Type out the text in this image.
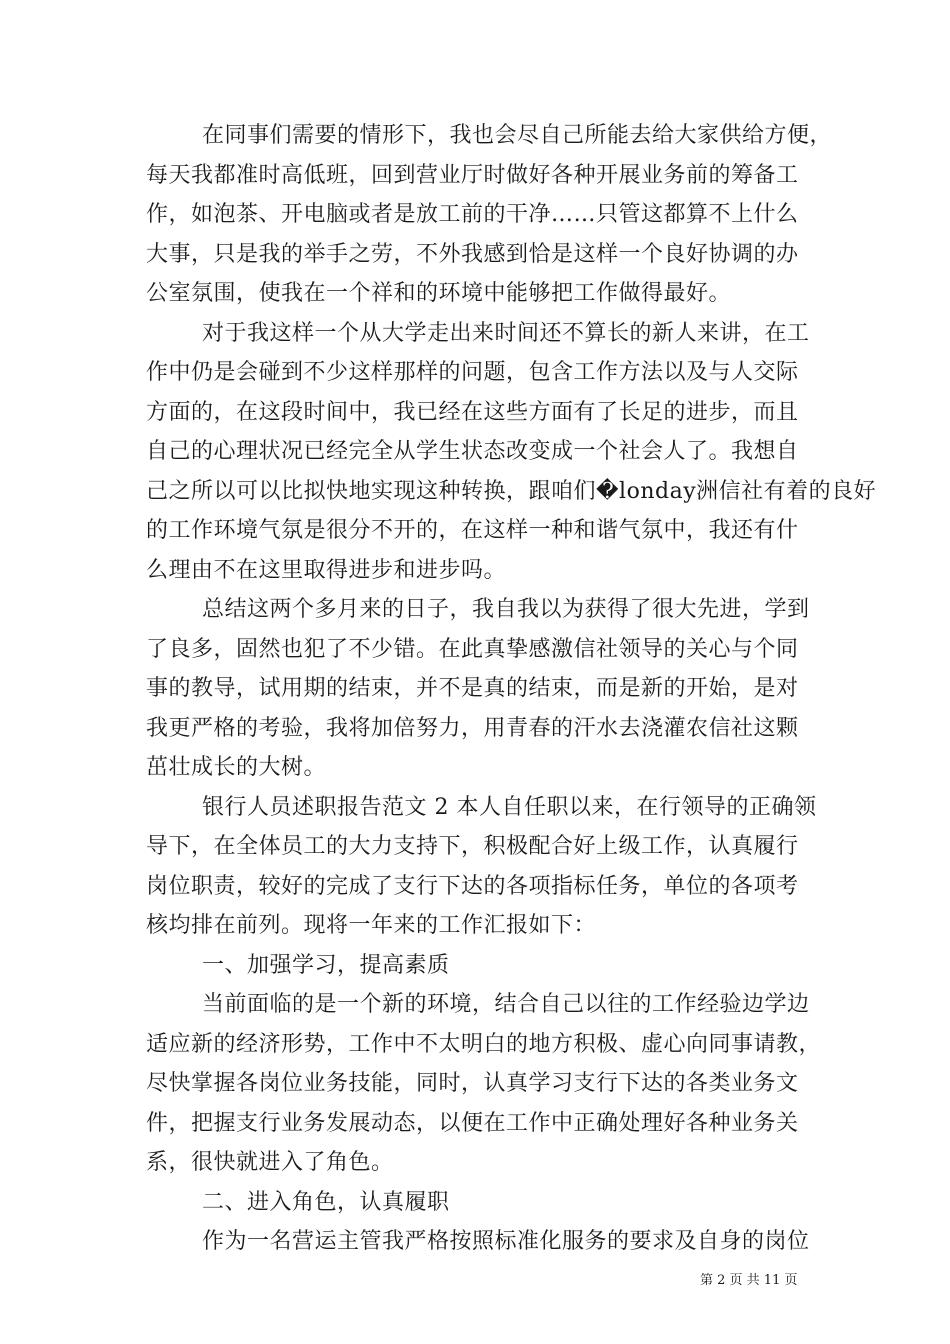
在同事们需要的情形下，我也会尽自己所能去给大家供给方便，
每天我都准时高低班，回到营业厅时做好各种开展业务前的筹备工
作，如泡茶、开电脑或者是放工前的干净……只管这都算不上什么
大事，只是我的举手之劳，不外我感到恰是这样一个良好协调的办
公室氛围，使我在一个祥和的环境中能够把工作做得最好。
对于我这样一个从大学走出来时间还不算长的新人来讲，在工
作中仍是会碰到不少这样那样的问题，包含工作方法以及与人交际
方面的，在这段时间中，我已经在这些方面有了长足的进步，而且
自己的心理状况已经完全从学生状态改变成一个社会人了。我想自
己之所以可以比拟快地实现这种转换，跟咱们�londay洲信社有着的良好
的工作环境气氛是很分不开的，在这样一种和谐气氛中，我还有什
么理由不在这里取得进步和进步吗。
总结这两个多月来的日子，我自我以为获得了很大先进，学到
了良多，固然也犯了不少错。在此真挚感激信社领导的关心与个同
事的教导，试用期的结束，并不是真的结束，而是新的开始，是对
我更严格的考验，我将加倍努力，用青春的汗水去浇灌农信社这颗
茁壮成长的大树。
银行人员述职报告范文 2 本人自任职以来，在行领导的正确领
导下，在全体员工的大力支持下，积极配合好上级工作，认真履行
岗位职责，较好的完成了支行下达的各项指标任务，单位的各项考
核均排在前列。现将一年来的工作汇报如下：
一、加强学习，提高素质
当前面临的是一个新的环境，结合自己以往的工作经验边学边
适应新的经济形势，工作中不太明白的地方积极、虚心向同事请教，
尽快掌握各岗位业务技能，同时，认真学习支行下达的各类业务文
件，把握支行业务发展动态，以便在工作中正确处理好各种业务关
系，很快就进入了角色。
二、进入角色，认真履职
作为一名营运主管我严格按照标准化服务的要求及自身的岗位
第 2 页 共 11 页
